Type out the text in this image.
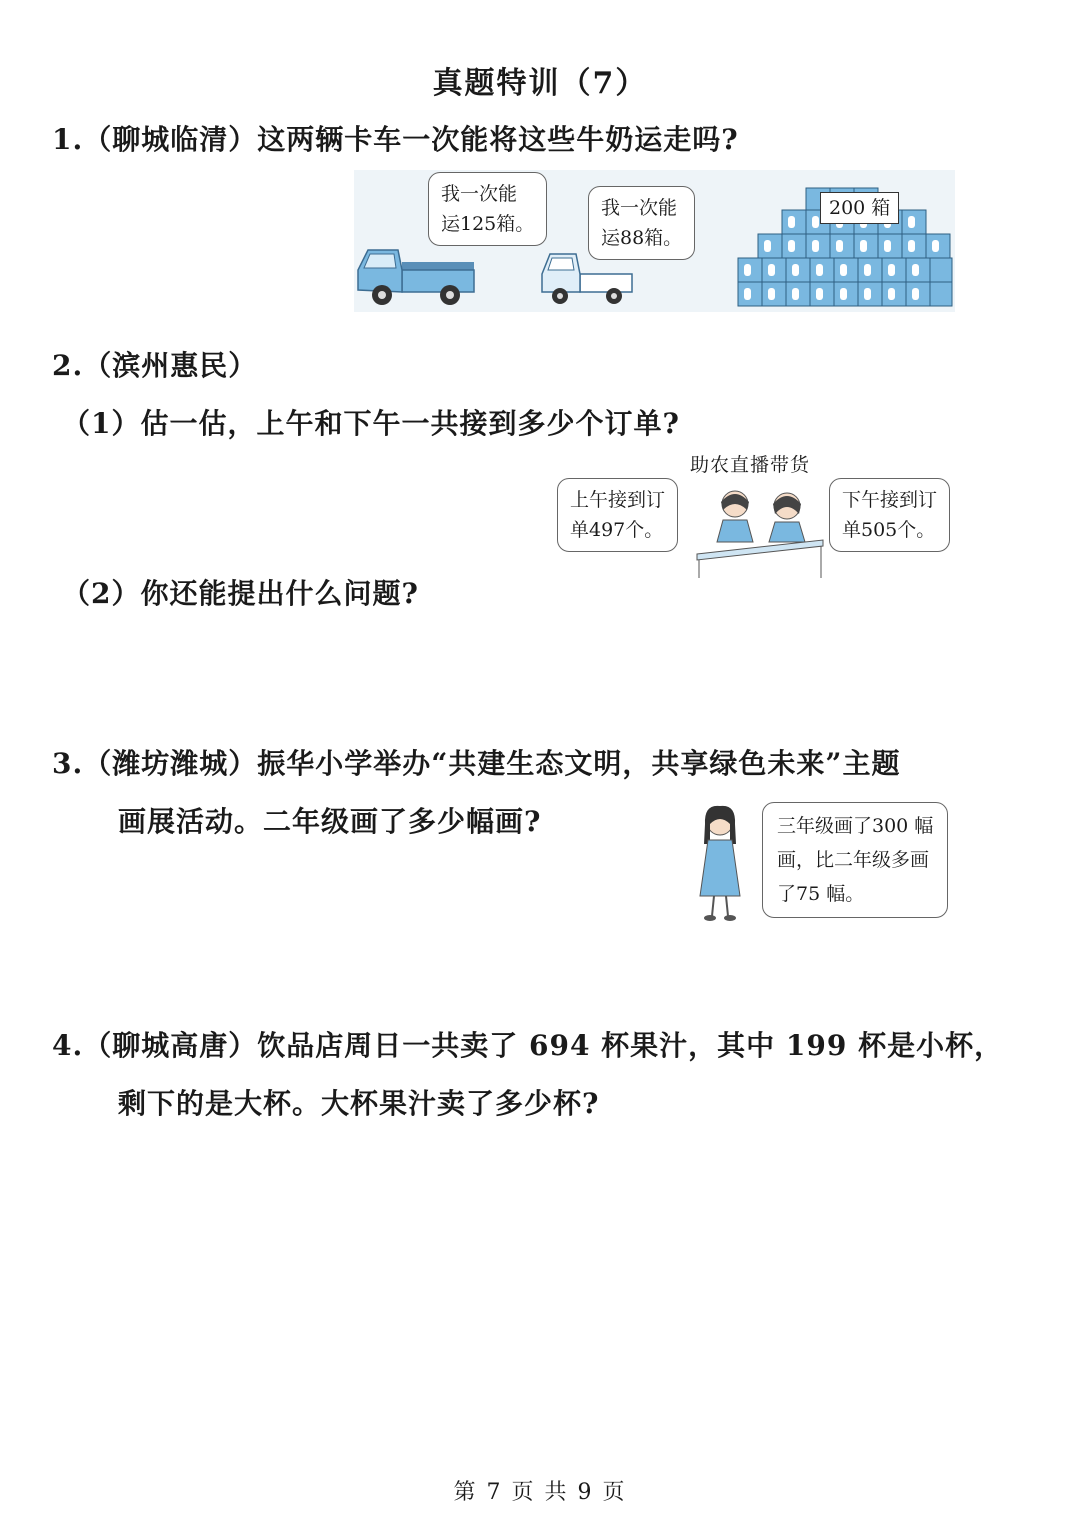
真题特训（7）
1.（聊城临清）这两辆卡车一次能将这些牛奶运走吗?
我一次能
运125箱。
我一次能
运88箱。
200 箱
2.（滨州惠民）
（1）估一估，上午和下午一共接到多少个订单?
助农直播带货
上午接到订
单497个。
下午接到订
单505个。
（2）你还能提出什么问题?
3.（潍坊潍城）振华小学举办“共建生态文明，共享绿色未来”主题
画展活动。二年级画了多少幅画?	三年级画了300 幅
画，比二年级多画
了75 幅。
4.（聊城高唐）饮品店周日一共卖了 694 杯果汁，其中 199 杯是小杯，
剩下的是大杯。大杯果汁卖了多少杯?
第 7 页 共 9 页
